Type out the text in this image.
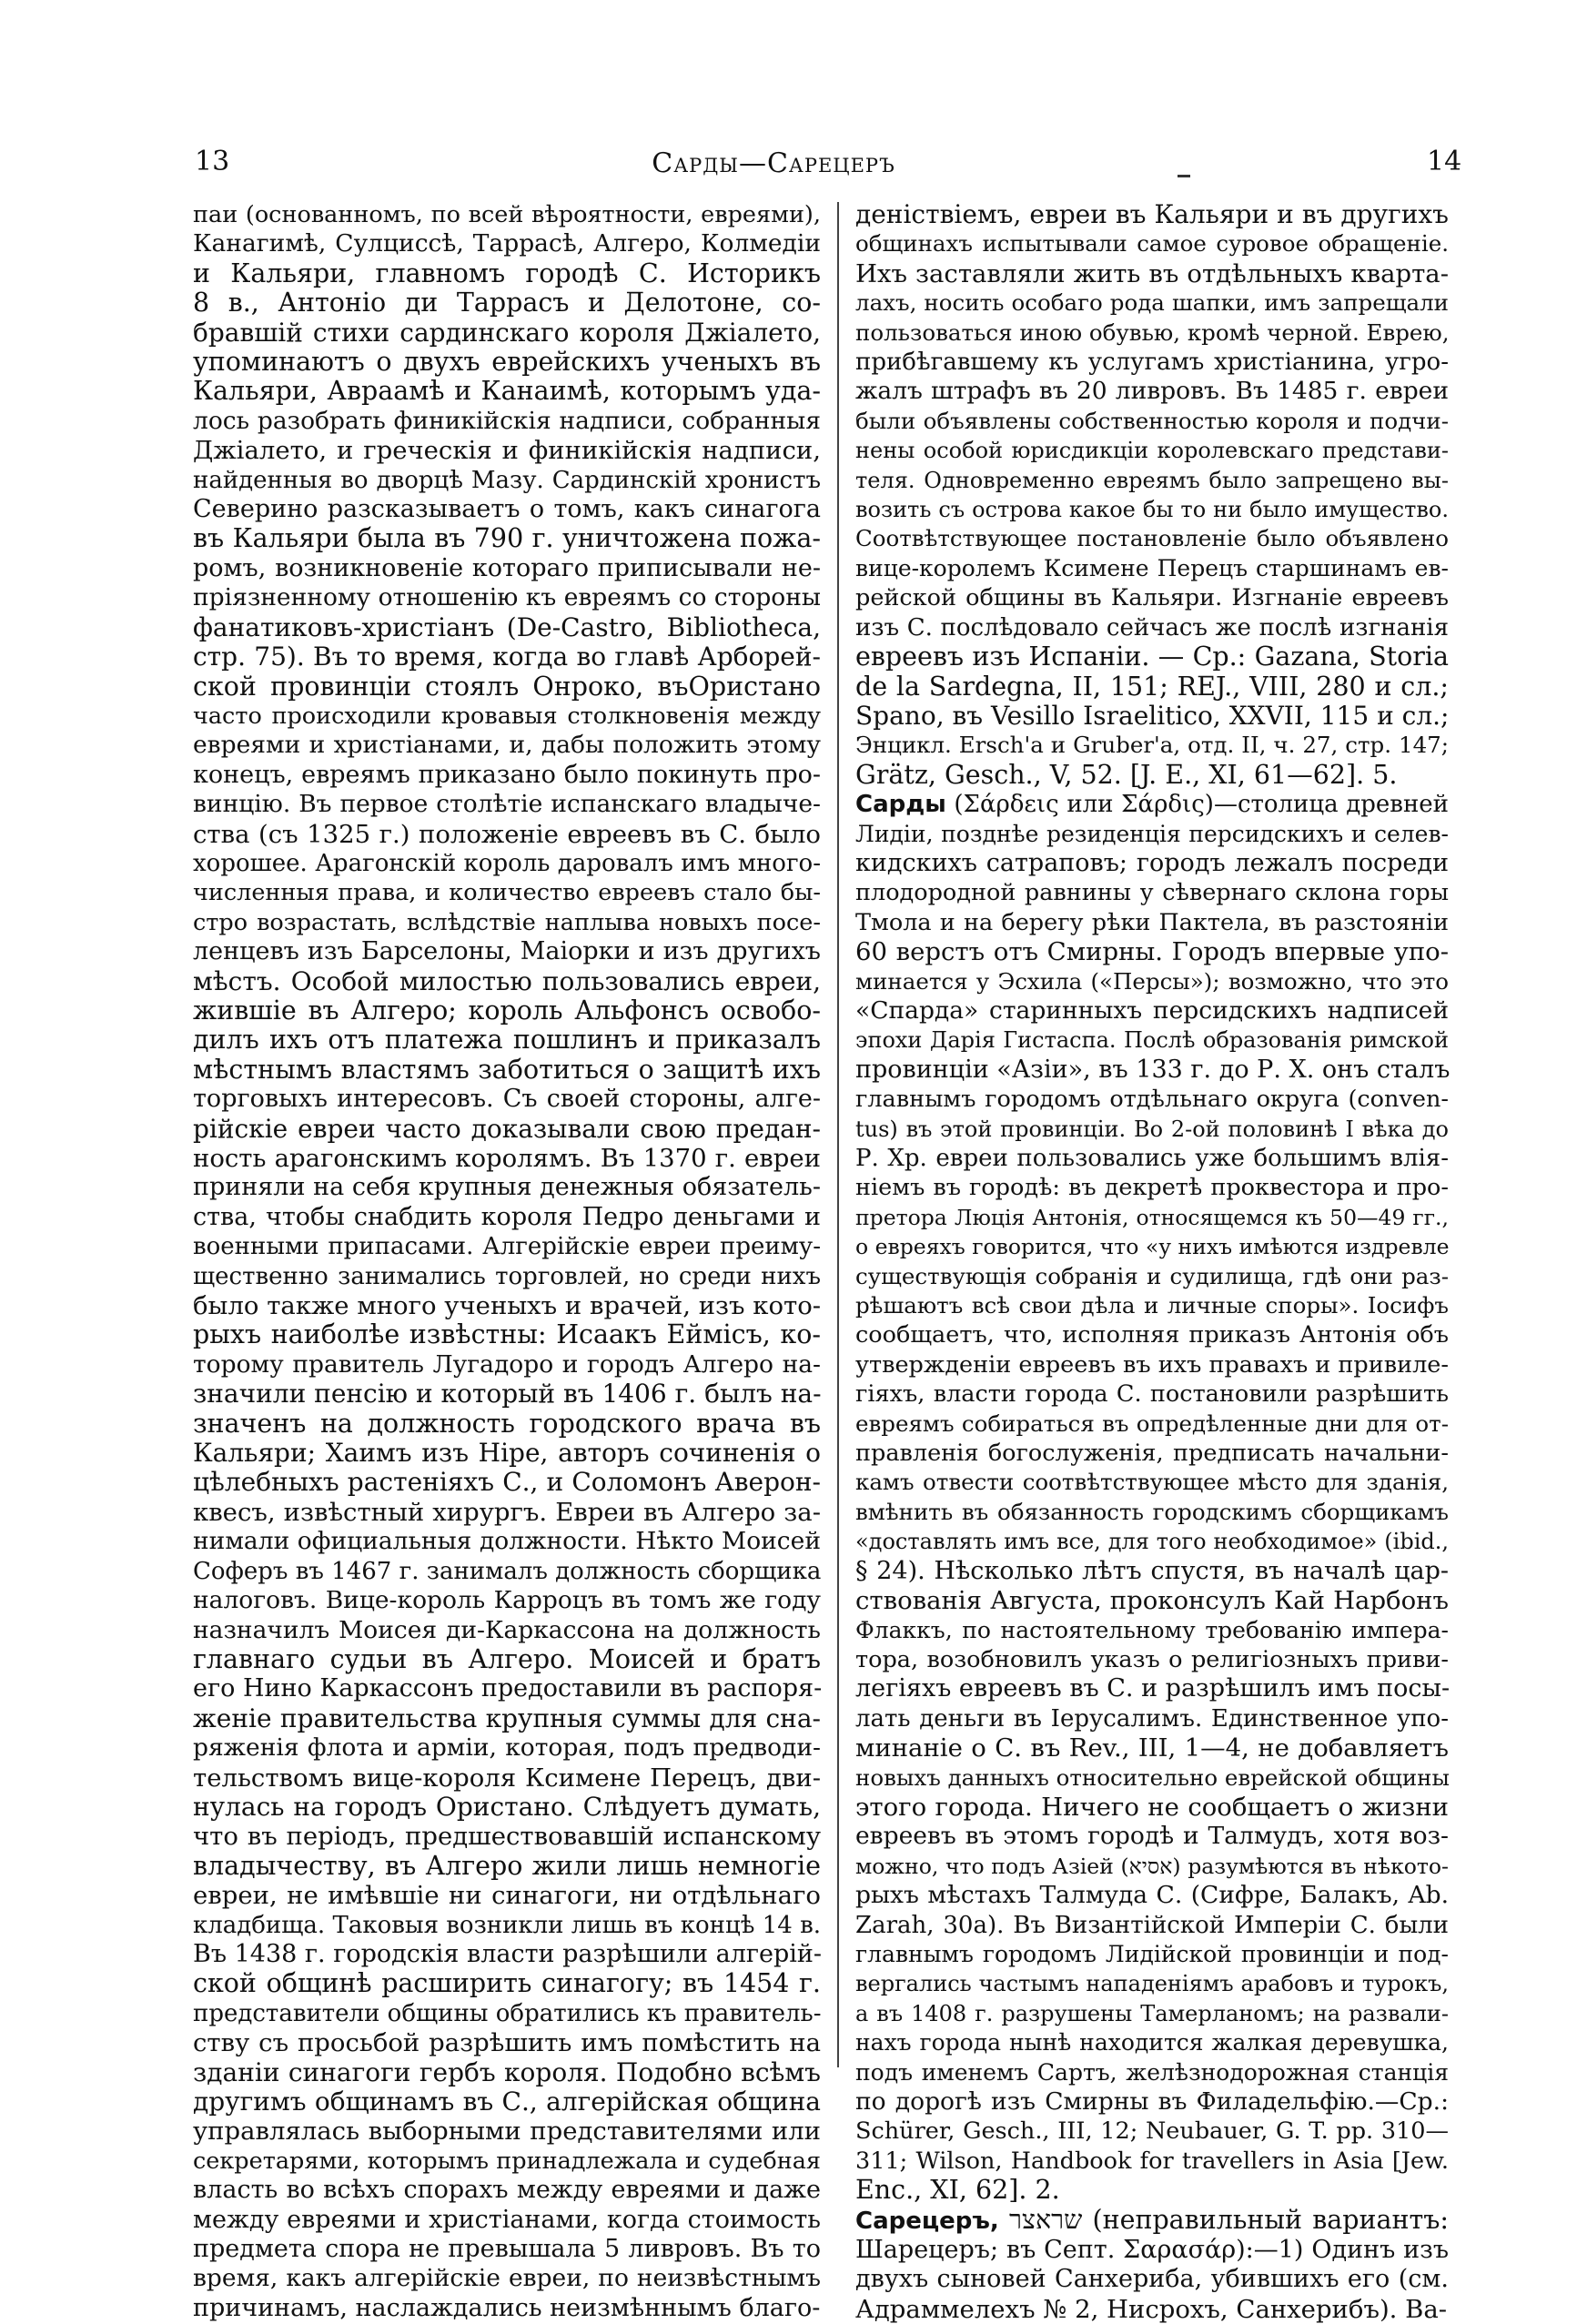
13	Сарды—Сарецеръ	14
паи (основанномъ, по всей вѣроятности, евреями),
Канагимѣ, Сулциссѣ, Таррасѣ, Алгеро, Колмедіи
и Кальяри, главномъ городѣ С. Историкъ
8 в., Антоніо ди Таррасъ и Делотоне, со-
бравшій стихи сардинскаго короля Джіалето,
упоминаютъ о двухъ еврейскихъ ученыхъ въ
Кальяри, Авраамѣ и Канаимѣ, которымъ уда-
лось разобрать финикійскія надписи, собранныя
Джіалето, и греческія и финикійскія надписи,
найденныя во дворцѣ Мазу. Сардинскій хронистъ
Северино разсказываетъ о томъ, какъ синагога
въ Кальяри была въ 790 г. уничтожена пожа-
ромъ, возникновеніе котораго приписывали не-
пріязненному отношенію къ евреямъ со стороны
фанатиковъ-христіанъ (De-Castro, Bibliotheca,
стр. 75). Въ то время, когда во главѣ Арборей-
ской провинціи стоялъ Онроко, въОристано
часто происходили кровавыя столкновенія между
евреями и христіанами, и, дабы положить этому
конецъ, евреямъ приказано было покинуть про-
винцію. Въ первое столѣтіе испанскаго владыче-
ства (съ 1325 г.) положеніе евреевъ въ С. было
хорошее. Арагонскій король даровалъ имъ много-
численныя права, и количество евреевъ стало бы-
стро возрастать, вслѣдствіе наплыва новыхъ посе-
ленцевъ изъ Барселоны, Маіорки и изъ другихъ
мѣстъ. Особой милостью пользовались евреи,
жившіе въ Алгеро; король Альфонсъ освобо-
дилъ ихъ отъ платежа пошлинъ и приказалъ
мѣстнымъ властямъ заботиться о защитѣ ихъ
торговыхъ интересовъ. Съ своей стороны, алге-
рійскіе евреи часто доказывали свою предан-
ность арагонскимъ королямъ. Въ 1370 г. евреи
приняли на себя крупныя денежныя обязатель-
ства, чтобы снабдить короля Педро деньгами и
военными припасами. Алгерійскіе евреи преиму-
щественно занимались торговлей, но среди нихъ
было также много ученыхъ и врачей, изъ кото-
рыхъ наиболѣе извѣстны: Исаакъ Еймісъ, ко-
торому правитель Лугадоро и городъ Алгеро на-
значили пенсію и который въ 1406 г. былъ на-
значенъ на должность городского врача въ
Кальяри; Хаимъ изъ Ніре, авторъ сочиненія о
цѣлебныхъ растеніяхъ С., и Соломонъ Аверон-
квесъ, извѣстный хирургъ. Евреи въ Алгеро за-
нимали официальныя должности. Нѣкто Моисей
Соферъ въ 1467 г. занималъ должность сборщика
налоговъ. Вице-король Карроцъ въ томъ же году
назначилъ Моисея ди-Каркассона на должность
главнаго судьи въ Алгеро. Моисей и братъ
его Нино Каркассонъ предоставили въ распоря-
женіе правительства крупныя суммы для сна-
ряженія флота и арміи, которая, подъ предводи-
тельствомъ вице-короля Ксимене Перецъ, дви-
нулась на городъ Ористано. Слѣдуетъ думать,
что въ періодъ, предшествовавшій испанскому
владычеству, въ Алгеро жили лишь немногіе
евреи, не имѣвшіе ни синагоги, ни отдѣльнаго
кладбища. Таковыя возникли лишь въ концѣ 14 в.
Въ 1438 г. городскія власти разрѣшили алгерій-
ской общинѣ расширить синагогу; въ 1454 г.
представители общины обратились къ правитель-
ству съ просьбой разрѣшить имъ помѣстить на
зданіи синагоги гербъ короля. Подобно всѣмъ
другимъ общинамъ въ С., алгерійская община
управлялась выборными представителями или
секретарями, которымъ принадлежала и судебная
власть во всѣхъ спорахъ между евреями и даже
между евреями и христіанами, когда стоимость
предмета спора не превышала 5 ливровъ. Въ то
время, какъ алгерійскіе евреи, по неизвѣстнымъ
причинамъ, наслаждались неизмѣннымъ благо-
деніствіемъ, евреи въ Кальяри и въ другихъ
общинахъ испытывали самое суровое обращеніе.
Ихъ заставляли жить въ отдѣльныхъ кварта-
лахъ, носить особаго рода шапки, имъ запрещали
пользоваться иною обувью, кромѣ черной. Еврею,
прибѣгавшему къ услугамъ христіанина, угро-
жалъ штрафъ въ 20 ливровъ. Въ 1485 г. евреи
были объявлены собственностью короля и подчи-
нены особой юрисдикціи королевскаго представи-
теля. Одновременно евреямъ было запрещено вы-
возить съ острова какое бы то ни было имущество.
Соотвѣтствующее постановленіе было объявлено
вице-королемъ Ксимене Перецъ старшинамъ ев-
рейской общины въ Кальяри. Изгнаніе евреевъ
изъ С. послѣдовало сейчасъ же послѣ изгнанія
евреевъ изъ Испаніи. — Ср.: Gazana, Storia
de la Sardegna, II, 151; REJ., VIII, 280 и сл.;
Spano, въ Vesillo Israelitico, XXVII, 115 и сл.;
Энцикл. Ersch'a и Gruber'a, отд. II, ч. 27, стр. 147;
Grätz, Gesch., V, 52. [J. E., XI, 61—62]. 5.
Сарды (Σάρδεις или Σάρδις)—столица древней
Лидіи, позднѣе резиденція персидскихъ и селев-
кидскихъ сатраповъ; городъ лежалъ посреди
плодородной равнины у сѣвернаго склона горы
Тмола и на берегу рѣки Пактела, въ разстояніи
60 верстъ отъ Смирны. Городъ впервые упо-
минается у Эсхила («Персы»); возможно, что это
«Спарда» старинныхъ персидскихъ надписей
эпохи Дарія Гистаспа. Послѣ образованія римской
провинціи «Азіи», въ 133 г. до Р. Х. онъ сталъ
главнымъ городомъ отдѣльнаго округа (conven-
tus) въ этой провинціи. Во 2-ой половинѣ I вѣка до
Р. Хр. евреи пользовались уже большимъ влія-
ніемъ въ городѣ: въ декретѣ проквестора и про-
претора Люція Антонія, относящемся къ 50—49 гг.,
о евреяхъ говорится, что «у нихъ имѣются издревле
существующія собранія и судилища, гдѣ они раз-
рѣшаютъ всѣ свои дѣла и личные споры». Іосифъ
сообщаетъ, что, исполняя приказъ Антонія объ
утвержденіи евреевъ въ ихъ правахъ и привиле-
гіяхъ, власти города С. постановили разрѣшить
евреямъ собираться въ опредѣленные дни для от-
правленія богослуженія, предписать начальни-
камъ отвести соотвѣтствующее мѣсто для зданія,
вмѣнить въ обязанность городскимъ сборщикамъ
«доставлять имъ все, для того необходимое» (ibid.,
§ 24). Нѣсколько лѣтъ спустя, въ началѣ цар-
ствованія Августа, проконсулъ Кай Нарбонъ
Флаккъ, по настоятельному требованію импера-
тора, возобновилъ указъ о религіозныхъ приви-
легіяхъ евреевъ въ С. и разрѣшилъ имъ посы-
лать деньги въ Іерусалимъ. Единственное упо-
минаніе о С. въ Rev., III, 1—4, не добавляетъ
новыхъ данныхъ относительно еврейской общины
этого города. Ничего не сообщаетъ о жизни
евреевъ въ этомъ городѣ и Талмудъ, хотя воз-
можно, что подъ Азіей (אסיא) разумѣются въ нѣкото-
рыхъ мѣстахъ Талмуда С. (Сифре, Балакъ, Ab.
Zarah, 30a). Въ Византійской Имперіи С. были
главнымъ городомъ Лидійской провинціи и под-
вергались частымъ нападеніямъ арабовъ и турокъ,
а въ 1408 г. разрушены Тамерланомъ; на развали-
нахъ города нынѣ находится жалкая деревушка,
подъ именемъ Сартъ, желѣзнодорожная станція
по дорогѣ изъ Смирны въ Филадельфію.—Ср.:
Schürer, Gesch., III, 12; Neubauer, G. T. pp. 310—
311; Wilson, Handbook for travellers in Asia [Jew.
Enc., XI, 62]. 2.
Сарецеръ, שראצר (неправильный вариантъ:
Шарецеръ; въ Септ. Σαρασάρ):—1) Одинъ изъ
двухъ сыновей Санхериба, убившихъ его (см.
Адраммелехъ № 2, Нисрохъ, Санхерибъ). Ва-
